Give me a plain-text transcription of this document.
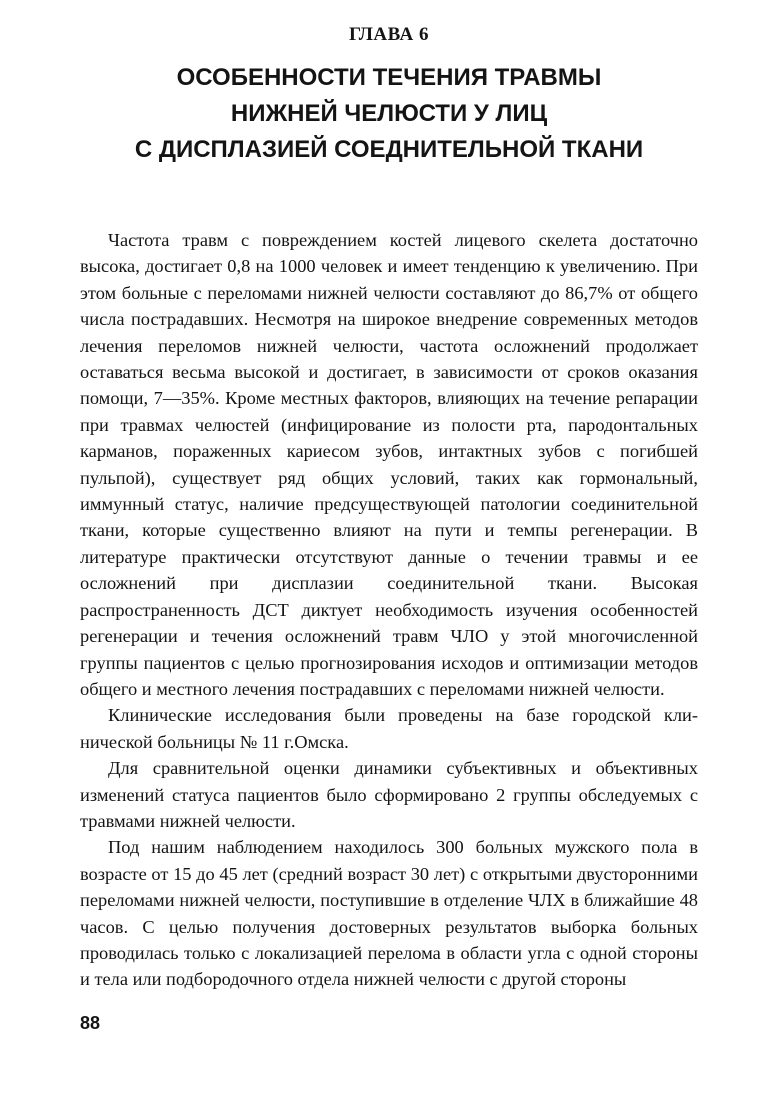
ГЛАВА 6
ОСОБЕННОСТИ ТЕЧЕНИЯ ТРАВМЫ
НИЖНЕЙ ЧЕЛЮСТИ У ЛИЦ
С ДИСПЛАЗИЕЙ СОЕДНИТЕЛЬНОЙ ТКАНИ

Частота травм с повреждением костей лицевого скелета достаточно высока, достигает 0,8 на 1000 человек и имеет тенденцию к увеличению. При этом больные с переломами нижней челюсти составляют до 86,7% от общего числа пострадавших. Несмотря на широкое внедрение современных методов лечения переломов нижней челюсти, частота осложнений продолжает оставаться весьма высокой и достигает, в зависимости от сроков оказания помощи, 7—35%. Кроме местных факторов, влияющих на течение репарации при травмах челюстей (инфицирование из полости рта, пародонтальных карманов, пораженных кариесом зубов, интактных зубов с погибшей пульпой), существует ряд общих условий, таких как гормональный, иммунный статус, наличие предсуществующей патологии соединительной ткани, которые существенно влияют на пути и темпы регенерации. В литературе практически отсутствуют данные о течении травмы и ее осложнений при дисплазии соединительной ткани. Высокая распространенность ДСТ диктует необходимость изучения особенностей регенерации и течения осложнений травм ЧЛО у этой многочисленной группы пациентов с целью прогнозирования исходов и оптимизации методов общего и местного лечения пострадавших с переломами нижней челюсти.

Клинические исследования были проведены на базе городской клинической больницы № 11 г.Омска.

Для сравнительной оценки динамики субъективных и объективных изменений статуса пациентов было сформировано 2 группы обследуемых с травмами нижней челюсти.

Под нашим наблюдением находилось 300 больных мужского пола в возрасте от 15 до 45 лет (средний возраст 30 лет) с открытыми двусторонними переломами нижней челюсти, поступившие в отделение ЧЛХ в ближайшие 48 часов. С целью получения достоверных результатов выборка больных проводилась только с локализацией перелома в области угла с одной стороны и тела или подбородочного отдела нижней челюсти с другой стороны

88
